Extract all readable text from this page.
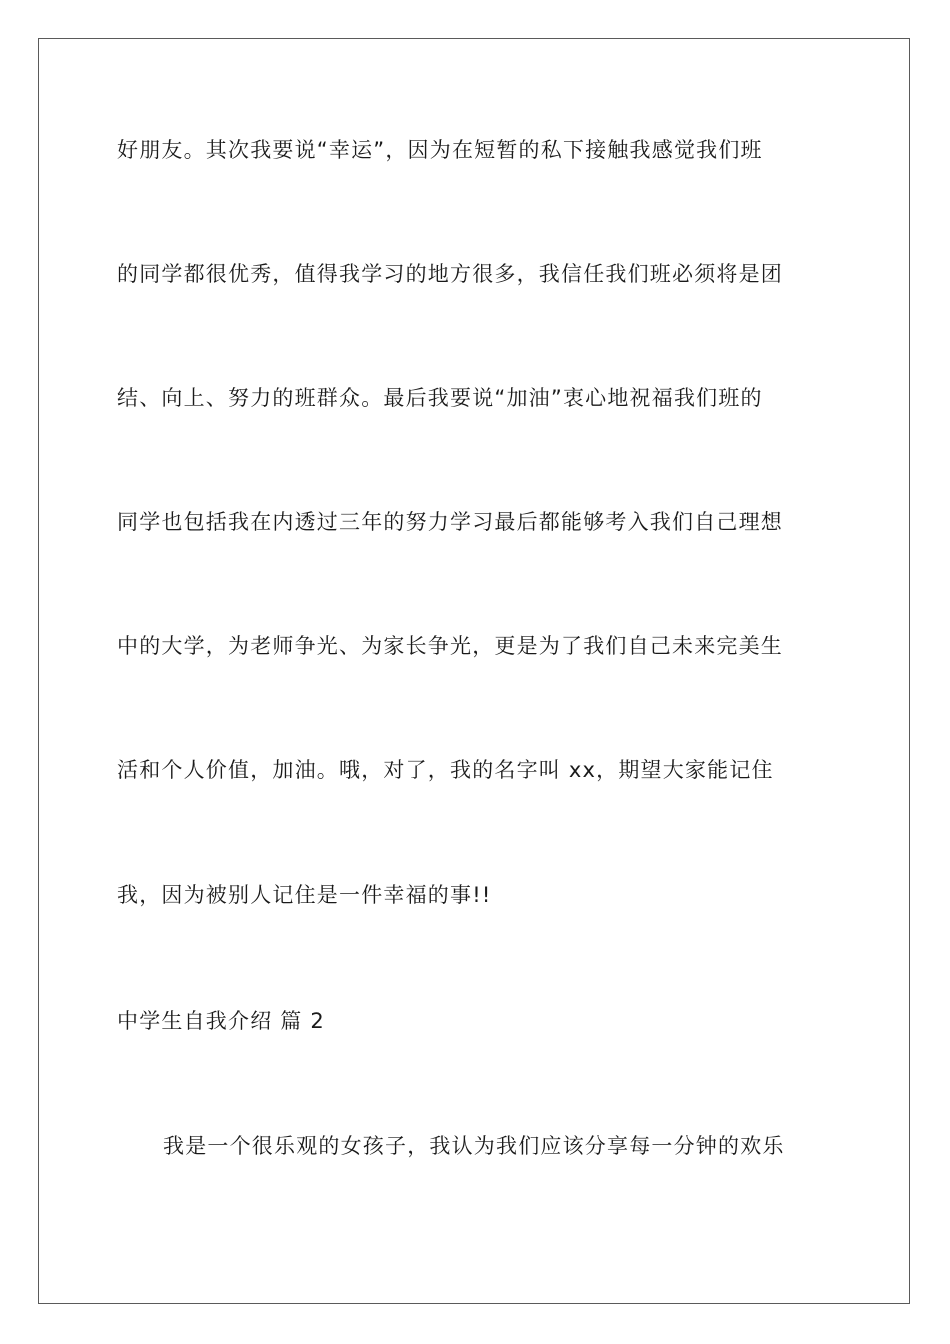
好朋友。其次我要说“幸运”，因为在短暂的私下接触我感觉我们班

的同学都很优秀，值得我学习的地方很多，我信任我们班必须将是团

结、向上、努力的班群众。最后我要说“加油”衷心地祝福我们班的

同学也包括我在内透过三年的努力学习最后都能够考入我们自己理想

中的大学，为老师争光、为家长争光，更是为了我们自己未来完美生

活和个人价值，加油。哦，对了，我的名字叫 xx，期望大家能记住

我，因为被别人记住是一件幸福的事!!

中学生自我介绍 篇 2

我是一个很乐观的女孩子，我认为我们应该分享每一分钟的欢乐
